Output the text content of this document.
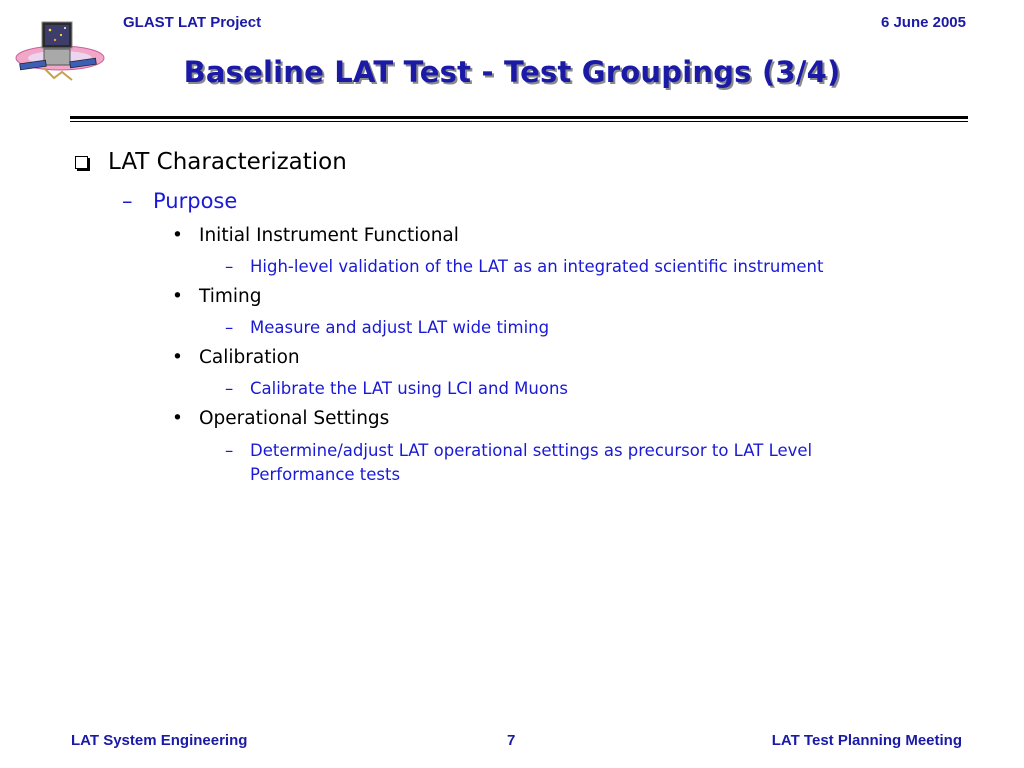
GLAST LAT Project	6 June 2005
Baseline LAT Test - Test Groupings (3/4)
LAT Characterization
– Purpose
• Initial Instrument Functional
– High-level validation of the LAT as an integrated scientific instrument
• Timing
– Measure and adjust LAT wide timing
• Calibration
– Calibrate the LAT using LCI and Muons
• Operational Settings
– Determine/adjust LAT operational settings as precursor to LAT Level
Performance tests
LAT System Engineering	7	LAT Test Planning Meeting
